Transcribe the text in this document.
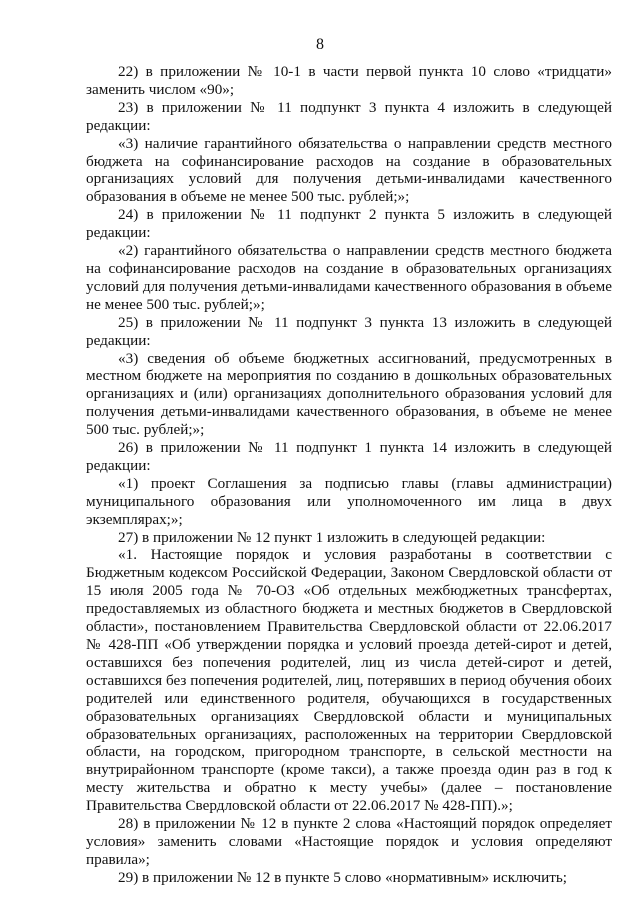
8

22) в приложении № 10-1 в части первой пункта 10 слово «тридцати» заменить числом «90»;

23) в приложении № 11 подпункт 3 пункта 4 изложить в следующей редакции:

«3) наличие гарантийного обязательства о направлении средств местного бюджета на софинансирование расходов на создание в образовательных организациях условий для получения детьми-инвалидами качественного образования в объеме не менее 500 тыс. рублей;»;

24) в приложении № 11 подпункт 2 пункта 5 изложить в следующей редакции:

«2) гарантийного обязательства о направлении средств местного бюджета на софинансирование расходов на создание в образовательных организациях условий для получения детьми-инвалидами качественного образования в объеме не менее 500 тыс. рублей;»;

25) в приложении № 11 подпункт 3 пункта 13 изложить в следующей редакции:

«3) сведения об объеме бюджетных ассигнований, предусмотренных в местном бюджете на мероприятия по созданию в дошкольных образовательных организациях и (или) организациях дополнительного образования условий для получения детьми-инвалидами качественного образования, в объеме не менее 500 тыс. рублей;»;

26) в приложении № 11 подпункт 1 пункта 14 изложить в следующей редакции:

«1) проект Соглашения за подписью главы (главы администрации) муниципального образования или уполномоченного им лица в двух экземплярах;»;

27) в приложении № 12 пункт 1 изложить в следующей редакции:

«1. Настоящие порядок и условия разработаны в соответствии с Бюджетным кодексом Российской Федерации, Законом Свердловской области от 15 июля 2005 года № 70-ОЗ «Об отдельных межбюджетных трансфертах, предоставляемых из областного бюджета и местных бюджетов в Свердловской области», постановлением Правительства Свердловской области от 22.06.2017 № 428-ПП «Об утверждении порядка и условий проезда детей-сирот и детей, оставшихся без попечения родителей, лиц из числа детей-сирот и детей, оставшихся без попечения родителей, лиц, потерявших в период обучения обоих родителей или единственного родителя, обучающихся в государственных образовательных организациях Свердловской области и муниципальных образовательных организациях, расположенных на территории Свердловской области, на городском, пригородном транспорте, в сельской местности на внутрирайонном транспорте (кроме такси), а также проезда один раз в год к месту жительства и обратно к месту учебы» (далее – постановление Правительства Свердловской области от 22.06.2017 № 428-ПП).»;

28) в приложении № 12 в пункте 2 слова «Настоящий порядок определяет условия» заменить словами «Настоящие порядок и условия определяют правила»;

29) в приложении № 12 в пункте 5 слово «нормативным» исключить;
